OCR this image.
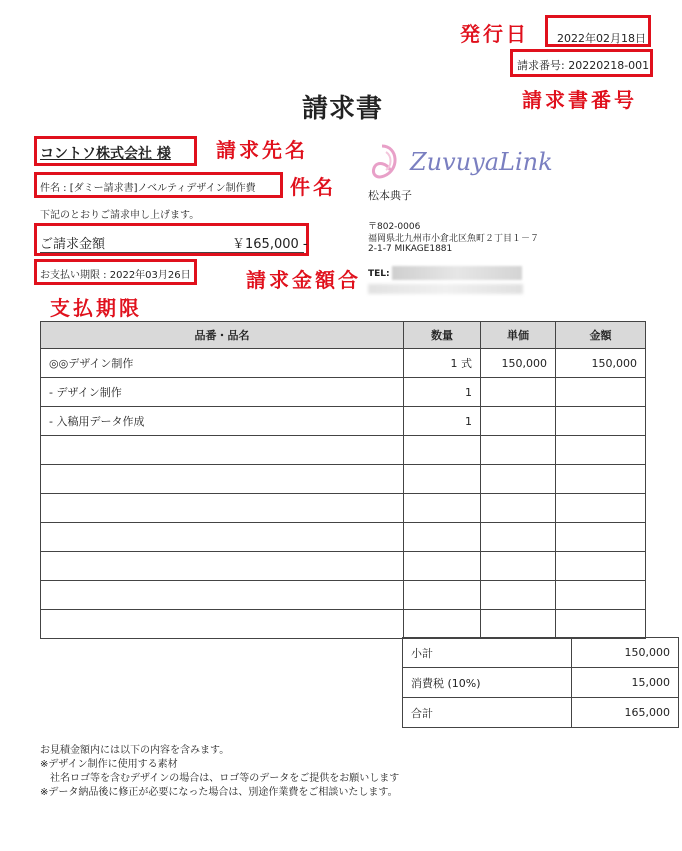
発行日	2022年02月18日
請求番号: 20220218-001
請求書番号
請求書
コントソ株式会社 様 請求先名
件名 : [ダミー請求書]ノベルティデザイン制作費 件名
下記のとおりご請求申し上げます。
ご請求金額	￥165,000 -
請求金額合
お支払い期限 : 2022年03月26日
支払期限
ZuvuyaLink
松本典子
〒802-0006
福岡県北九州市小倉北区魚町２丁目１－７
2-1-7 MIKAGE1881
TEL:
品番・品名	数量	単価	金額
◎◎デザイン制作	1 式	150,000	150,000
- デザイン制作	1		
- 入稿用データ作成	1		

小計	150,000
消費税 (10%)	15,000
合計	165,000
お見積金額内には以下の内容を含みます。
※デザイン制作に使用する素材
　社名ロゴ等を含むデザインの場合は、ロゴ等のデータをご提供をお願いします
※データ納品後に修正が必要になった場合は、別途作業費をご相談いたします。
